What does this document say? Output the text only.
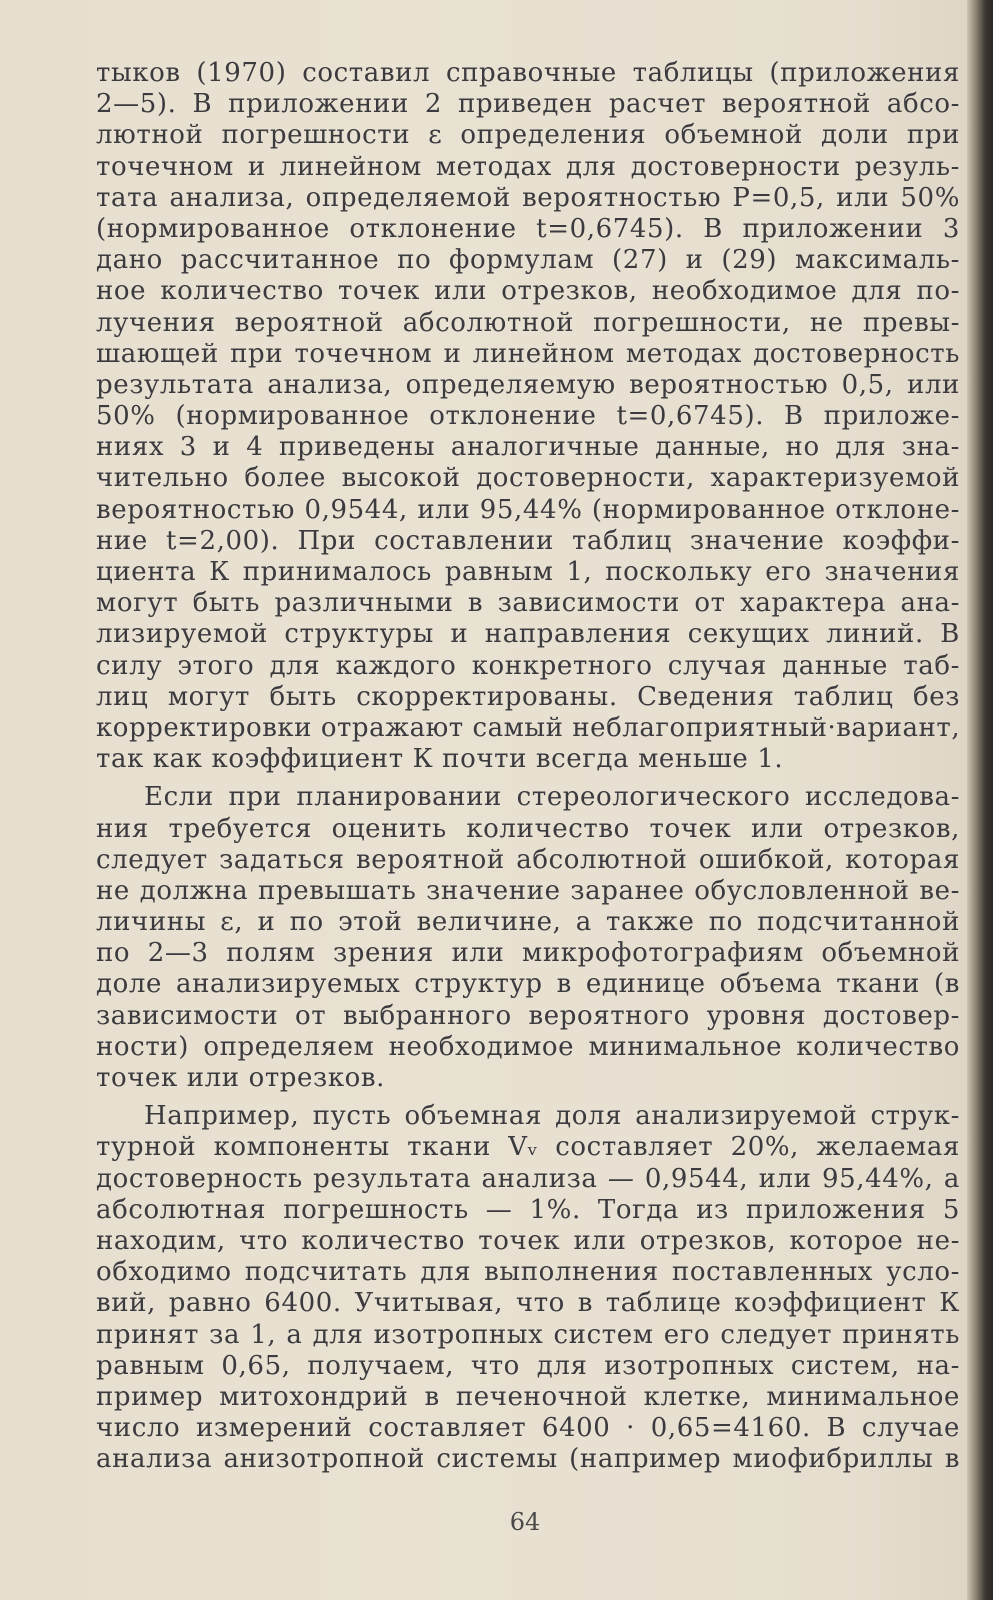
тыков (1970) составил справочные таблицы (приложения
2—5). В приложении 2 приведен расчет вероятной абсо-
лютной погрешности ε определения объемной доли при
точечном и линейном методах для достоверности резуль-
тата анализа, определяемой вероятностью Р=0,5, или 50%
(нормированное отклонение t=0,6745). В приложении 3
дано рассчитанное по формулам (27) и (29) максималь-
ное количество точек или отрезков, необходимое для по-
лучения вероятной абсолютной погрешности, не превы-
шающей при точечном и линейном методах достоверность
результата анализа, определяемую вероятностью 0,5, или
50% (нормированное отклонение t=0,6745). В приложе-
ниях 3 и 4 приведены аналогичные данные, но для зна-
чительно более высокой достоверности, характеризуемой
вероятностью 0,9544, или 95,44% (нормированное отклоне-
ние t=2,00). При составлении таблиц значение коэффи-
циента К принималось равным 1, поскольку его значения
могут быть различными в зависимости от характера ана-
лизируемой структуры и направления секущих линий. В
силу этого для каждого конкретного случая данные таб-
лиц могут быть скорректированы. Сведения таблиц без
корректировки отражают самый неблагоприятный·вариант,
так как коэффициент К почти всегда меньше 1.
Если при планировании стереологического исследова-
ния требуется оценить количество точек или отрезков,
следует задаться вероятной абсолютной ошибкой, которая
не должна превышать значение заранее обусловленной ве-
личины ε, и по этой величине, а также по подсчитанной
по 2—3 полям зрения или микрофотографиям объемной
доле анализируемых структур в единице объема ткани (в
зависимости от выбранного вероятного уровня достовер-
ности) определяем необходимое минимальное количество
точек или отрезков.
Например, пусть объемная доля анализируемой струк-
турной компоненты ткани Vᵥ составляет 20%, желаемая
достоверность результата анализа — 0,9544, или 95,44%, а
абсолютная погрешность — 1%. Тогда из приложения 5
находим, что количество точек или отрезков, которое не-
обходимо подсчитать для выполнения поставленных усло-
вий, равно 6400. Учитывая, что в таблице коэффициент К
принят за 1, а для изотропных систем его следует принять
равным 0,65, получаем, что для изотропных систем, на-
пример митохондрий в печеночной клетке, минимальное
число измерений составляет 6400 · 0,65=4160. В случае
анализа анизотропной системы (например миофибриллы в
64
